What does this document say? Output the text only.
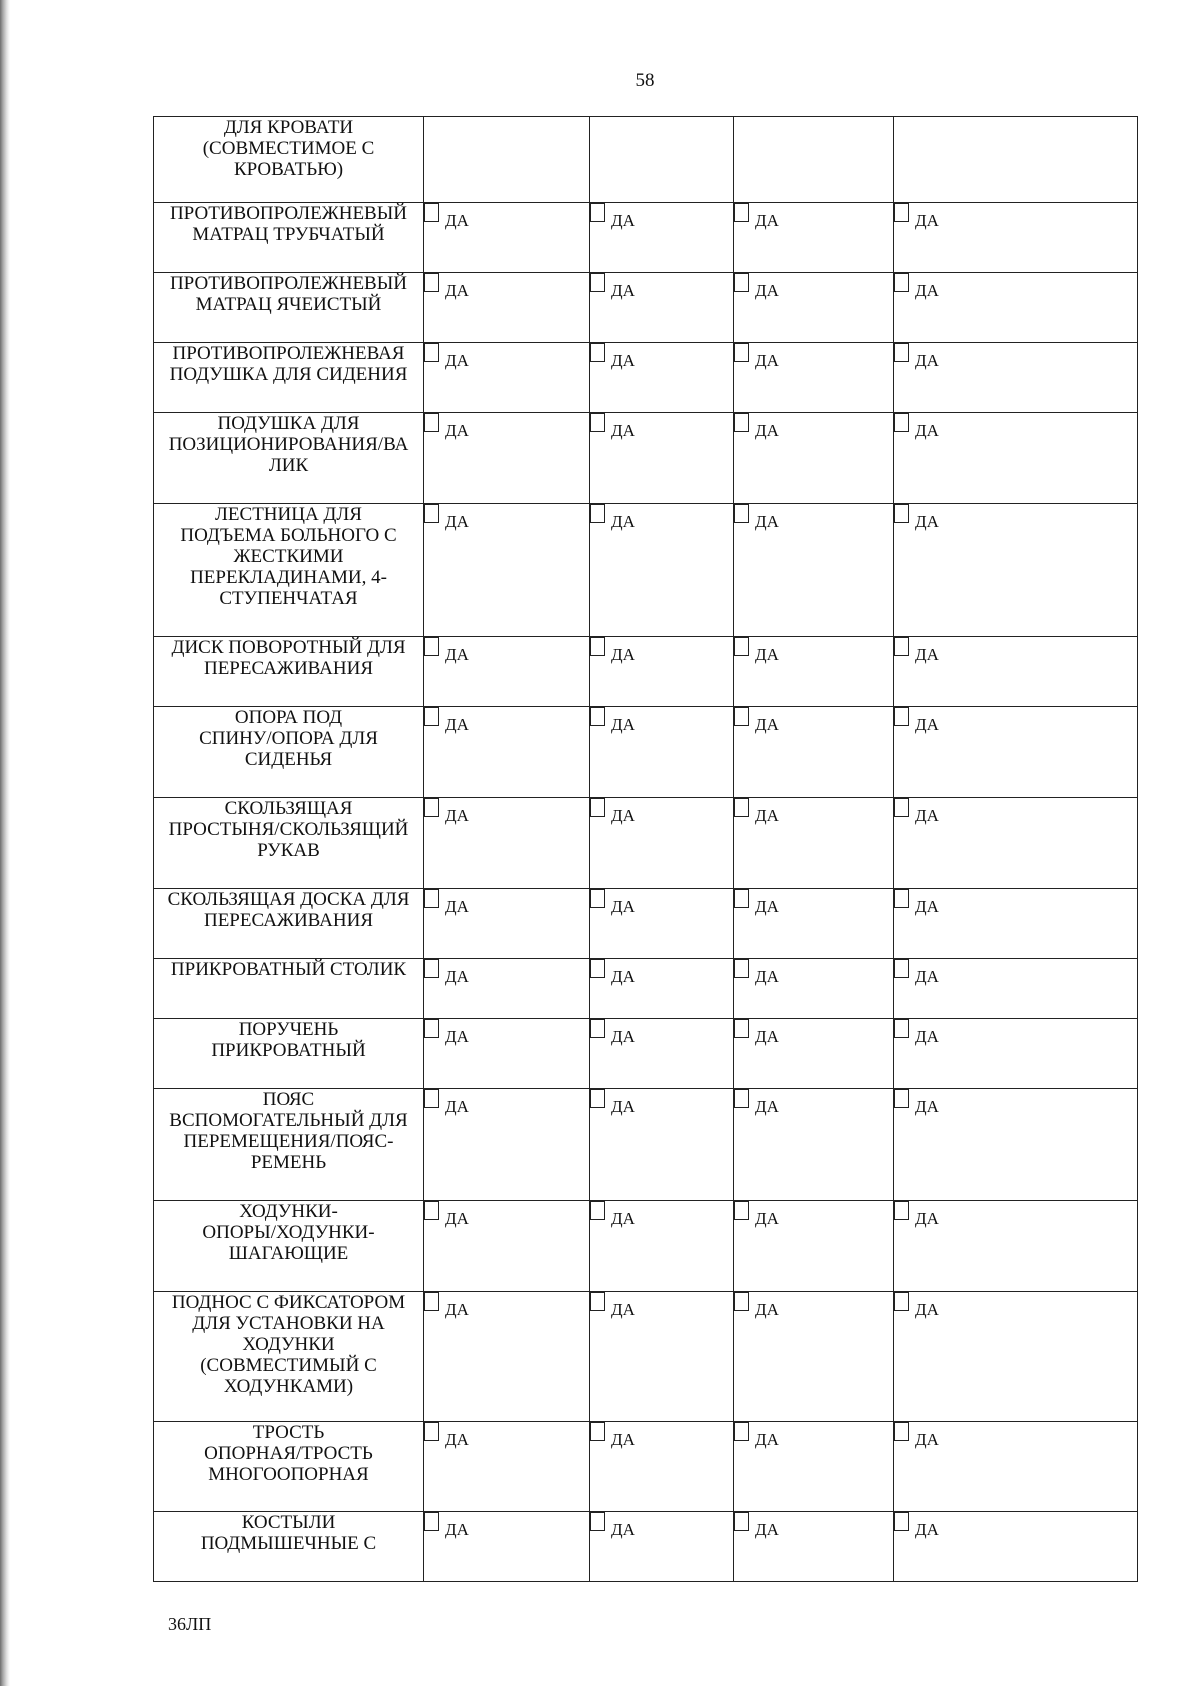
58
ДЛЯ КРОВАТИ
(СОВМЕСТИМОЕ С
КРОВАТЬЮ)				

ПРОТИВОПРОЛЕЖНЕВЫЙ
МАТРАЦ ТРУБЧАТЫЙ	ДА	ДА	ДА	ДА

ПРОТИВОПРОЛЕЖНЕВЫЙ
МАТРАЦ ЯЧЕИСТЫЙ	ДА	ДА	ДА	ДА

ПРОТИВОПРОЛЕЖНЕВАЯ
ПОДУШКА ДЛЯ СИДЕНИЯ	ДА	ДА	ДА	ДА

ПОДУШКА ДЛЯ
ПОЗИЦИОНИРОВАНИЯ/ВА
ЛИК	ДА	ДА	ДА	ДА

ЛЕСТНИЦА ДЛЯ
ПОДЪЕМА БОЛЬНОГО С
ЖЕСТКИМИ
ПЕРЕКЛАДИНАМИ, 4-
СТУПЕНЧАТАЯ	ДА	ДА	ДА	ДА

ДИСК ПОВОРОТНЫЙ ДЛЯ
ПЕРЕСАЖИВАНИЯ	ДА	ДА	ДА	ДА

ОПОРА ПОД
СПИНУ/ОПОРА ДЛЯ
СИДЕНЬЯ	ДА	ДА	ДА	ДА

СКОЛЬЗЯЩАЯ
ПРОСТЫНЯ/СКОЛЬЗЯЩИЙ
РУКАВ	ДА	ДА	ДА	ДА

СКОЛЬЗЯЩАЯ ДОСКА ДЛЯ
ПЕРЕСАЖИВАНИЯ	ДА	ДА	ДА	ДА

ПРИКРОВАТНЫЙ СТОЛИК	ДА	ДА	ДА	ДА

ПОРУЧЕНЬ
ПРИКРОВАТНЫЙ	ДА	ДА	ДА	ДА

ПОЯС
ВСПОМОГАТЕЛЬНЫЙ ДЛЯ
ПЕРЕМЕЩЕНИЯ/ПОЯС-
РЕМЕНЬ	ДА	ДА	ДА	ДА

ХОДУНКИ-
ОПОРЫ/ХОДУНКИ-
ШАГАЮЩИЕ	ДА	ДА	ДА	ДА

ПОДНОС С ФИКСАТОРОМ
ДЛЯ УСТАНОВКИ НА
ХОДУНКИ
(СОВМЕСТИМЫЙ С
ХОДУНКАМИ)	ДА	ДА	ДА	ДА

ТРОСТЬ
ОПОРНАЯ/ТРОСТЬ
МНОГООПОРНАЯ	ДА	ДА	ДА	ДА

КОСТЫЛИ
ПОДМЫШЕЧНЫЕ С	ДА	ДА	ДА	ДА
36ЛП
